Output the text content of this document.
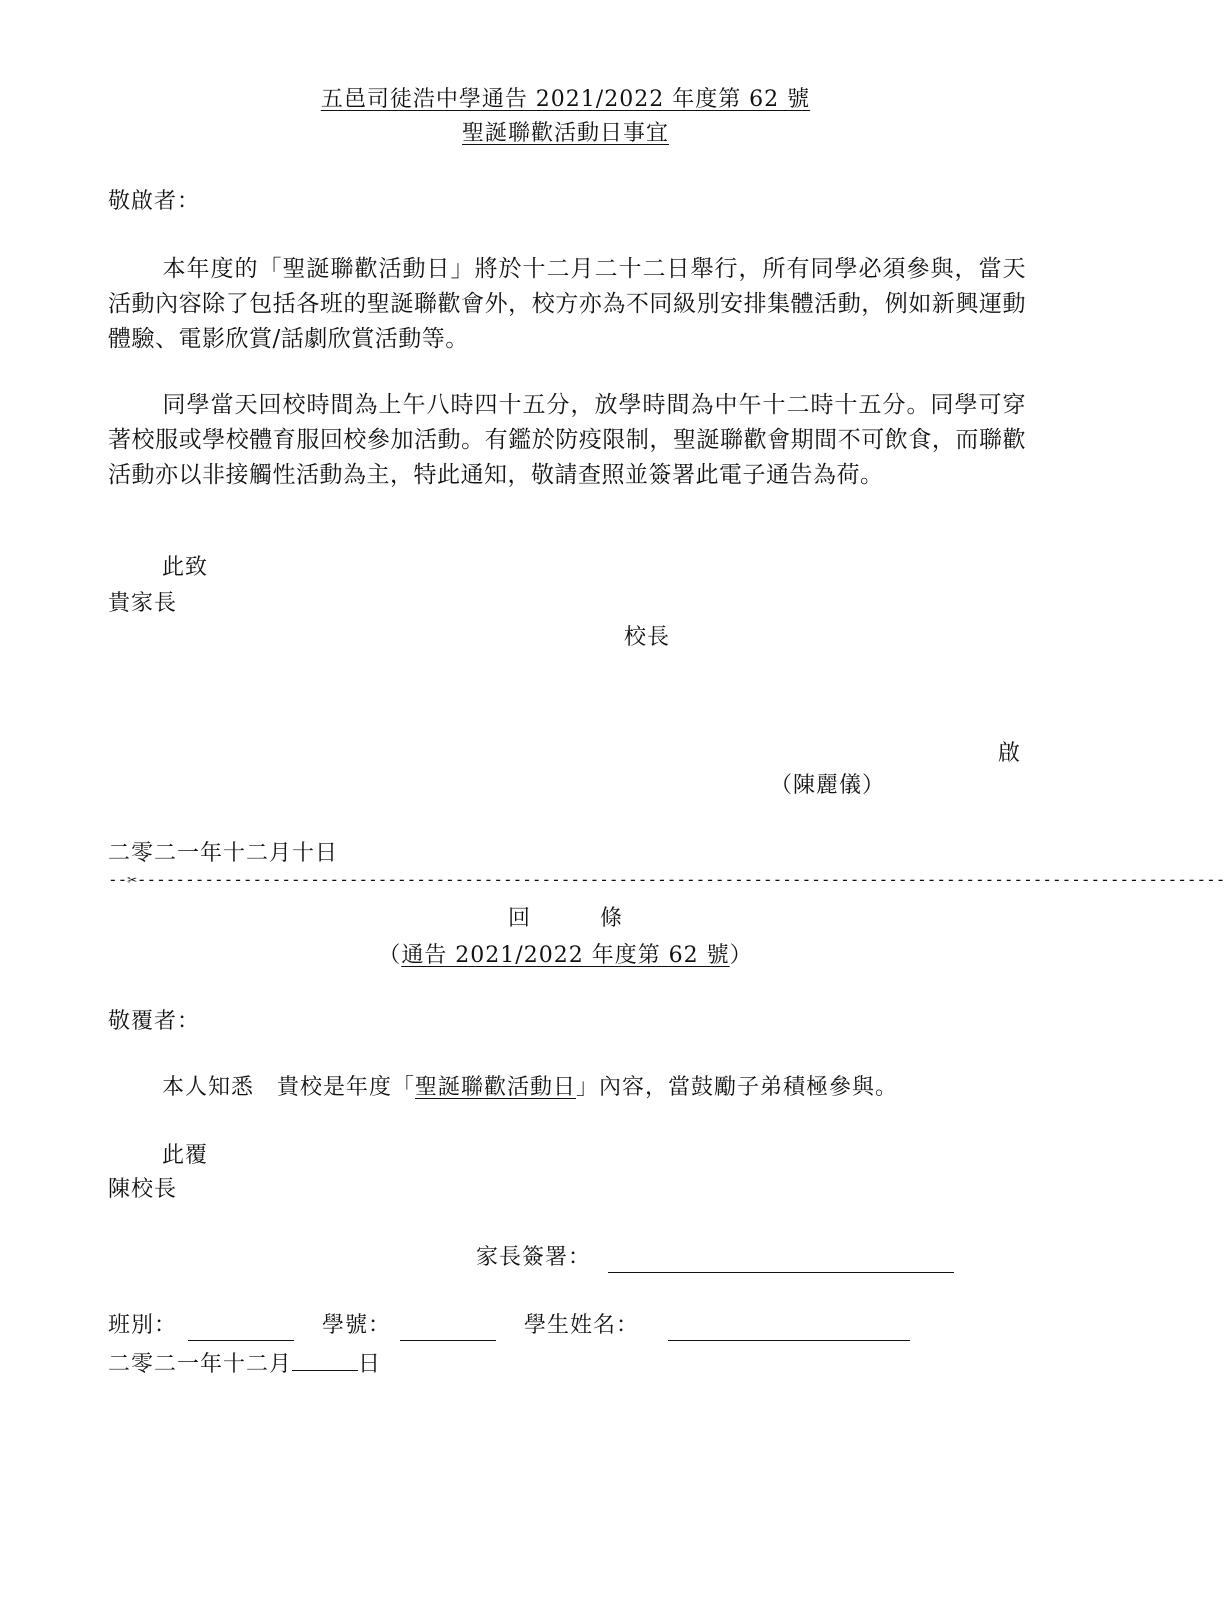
五邑司徒浩中學通告 2021/2022 年度第 62 號
聖誕聯歡活動日事宜
敬啟者：
本年度的「聖誕聯歡活動日」將於十二月二十二日舉行，所有同學必須參與，當天活動內容除了包括各班的聖誕聯歡會外，校方亦為不同級別安排集體活動，例如新興運動體驗、電影欣賞/話劇欣賞活動等。
同學當天回校時間為上午八時四十五分，放學時間為中午十二時十五分。同學可穿著校服或學校體育服回校參加活動。有鑑於防疫限制，聖誕聯歡會期間不可飲食，而聯歡活動亦以非接觸性活動為主，特此通知，敬請查照並簽署此電子通告為荷。
此致
貴家長
校長
啟
（陳麗儀）
二零二一年十二月十日
--✂-----------------------------------------------------------------------------------------------------------------
回　　　條
（通告 2021/2022 年度第 62 號）
敬覆者：
本人知悉　貴校是年度「聖誕聯歡活動日」內容，當鼓勵子弟積極參與。
此覆
陳校長
家長簽署：
班別：	學號：	學生姓名：
二零二一年十二月	日
